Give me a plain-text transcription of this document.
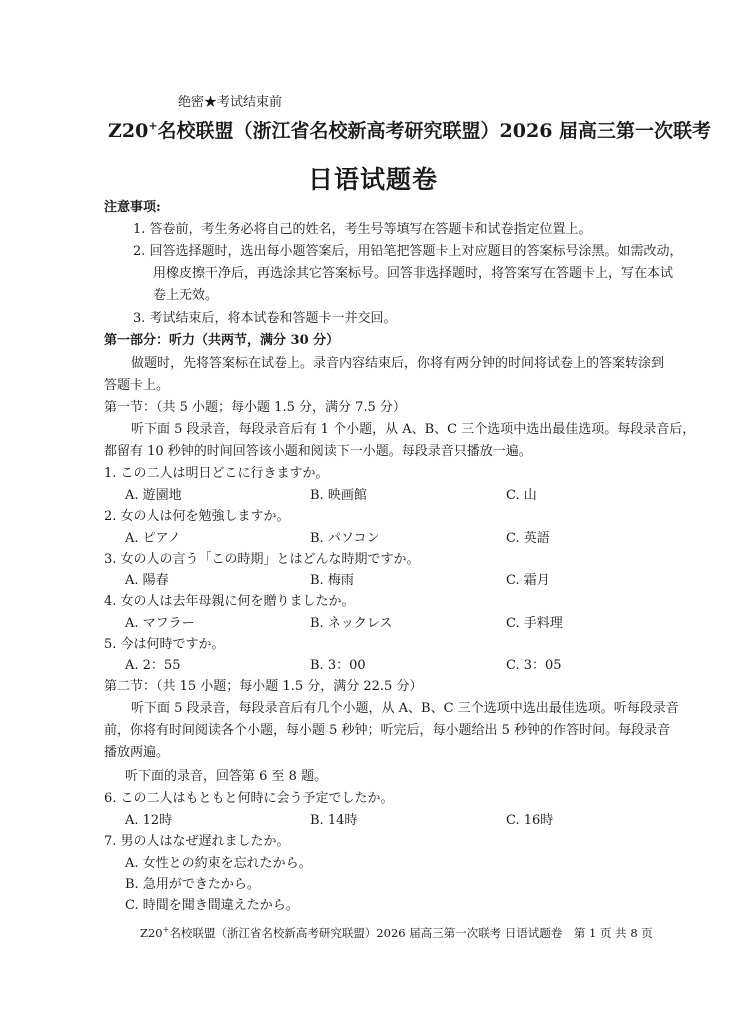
绝密★考试结束前
Z20+名校联盟（浙江省名校新高考研究联盟）2026 届高三第一次联考
日语试题卷
注意事项:
1. 答卷前，考生务必将自己的姓名，考生号等填写在答题卡和试卷指定位置上。
2. 回答选择题时，选出每小题答案后，用铅笔把答题卡上对应题目的答案标号涂黑。如需改动，
用橡皮擦干净后，再选涂其它答案标号。回答非选择题时，将答案写在答题卡上，写在本试
卷上无效。
3. 考试结束后，将本试卷和答题卡一并交回。
第一部分：听力（共两节，满分 30 分）
做题时，先将答案标在试卷上。录音内容结束后，你将有两分钟的时间将试卷上的答案转涂到
答题卡上。
第一节：（共 5 小题；每小题 1.5 分，满分 7.5 分）
听下面 5 段录音，每段录音后有 1 个小题，从 A、B、C 三个选项中选出最佳选项。每段录音后，
都留有 10 秒钟的时间回答该小题和阅读下一小题。每段录音只播放一遍。
1. この二人は明日どこに行きますか。
A. 遊園地	B. 映画館	C. 山
2. 女の人は何を勉強しますか。
A. ピアノ	B. パソコン	C. 英語
3. 女の人の言う「この時期」とはどんな時期ですか。
A. 陽春	B. 梅雨	C. 霜月
4. 女の人は去年母親に何を贈りましたか。
A. マフラー	B. ネックレス	C. 手料理
5. 今は何時ですか。
A. 2：55	B. 3：00	C. 3：05
第二节：（共 15 小题；每小题 1.5 分，满分 22.5 分）
听下面 5 段录音，每段录音后有几个小题，从 A、B、C 三个选项中选出最佳选项。听每段录音
前，你将有时间阅读各个小题，每小题 5 秒钟；听完后，每小题给出 5 秒钟的作答时间。每段录音
播放两遍。
听下面的录音，回答第 6 至 8 题。
6. この二人はもともと何時に会う予定でしたか。
A. 12時	B. 14時	C. 16時
7. 男の人はなぜ遅れましたか。
A. 女性との約束を忘れたから。
B. 急用ができたから。
C. 時間を聞き間違えたから。
Z20+名校联盟（浙江省名校新高考研究联盟）2026 届高三第一次联考 日语试题卷　第 1 页 共 8 页
